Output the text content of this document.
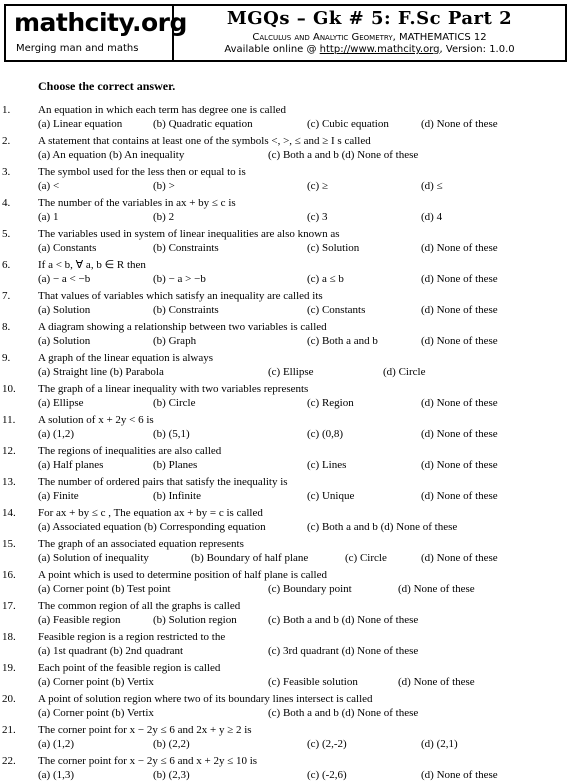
mathcity.org
Merging man and maths
MGQs – Gk # 5: F.Sc Part 2
Calculus and Analytic Geometry, MATHEMATICS 12
Available online @ http://www.mathcity.org, Version: 1.0.0
Choose the correct answer.
1.	An equation in which each term has degree one is called
(a) Linear equation	(b) Quadratic equation	(c) Cubic equation	(d) None of these
2.	A statement that contains at least one of the symbols <, >, ≤ and ≥ I s called
(a) An equation (b) An inequality	(c) Both a and b (d) None of these
3.	The symbol used for the less then or equal to is
(a) <	(b) >	(c) ≥	(d) ≤
4.	The number of the variables in ax + by ≤ c is
(a) 1	(b) 2	(c) 3	(d) 4
5.	The variables used in system of linear inequalities are also known as
(a) Constants	(b) Constraints	(c) Solution	(d) None of these
6.	If a < b, ∀ a, b ∈ R then
(a) − a < −b	(b) − a > −b	(c) a ≤ b	(d) None of these
7.	That values of variables which satisfy an inequality are called its
(a) Solution	(b) Constraints	(c) Constants	(d) None of these
8.	A diagram showing a relationship between two variables is called
(a) Solution	(b) Graph	(c) Both a and b	(d) None of these
9.	A graph of the linear equation is always
(a) Straight line (b) Parabola	(c) Ellipse	(d) Circle
10.	The graph of a linear inequality with two variables represents
(a) Ellipse	(b) Circle	(c) Region	(d) None of these
11.	A solution of x + 2y < 6 is
(a) (1,2)	(b) (5,1)	(c) (0,8)	(d) None of these
12.	The regions of inequalities are also called
(a) Half planes	(b) Planes	(c) Lines	(d) None of these
13.	The number of ordered pairs that satisfy the inequality is
(a) Finite	(b) Infinite	(c) Unique	(d) None of these
14.	For ax + by ≤ c , The equation ax + by = c is called
(a) Associated equation (b) Corresponding equation	(c) Both a and b (d) None of these
15.	The graph of an associated equation represents
(a) Solution of inequality	(b) Boundary of half plane	(c) Circle	(d) None of these
16.	A point which is used to determine position of half plane is called
(a) Corner point (b) Test point	(c) Boundary point	(d) None of these
17.	The common region of all the graphs is called
(a) Feasible region	(b) Solution region	(c) Both a and b (d) None of these
18.	Feasible region is a region restricted to the
(a) 1st quadrant (b) 2nd quadrant	(c) 3rd quadrant (d) None of these
19.	Each point of the feasible region is called
(a) Corner point (b) Vertix	(c) Feasible solution	(d) None of these
20.	A point of solution region where two of its boundary lines intersect is called
(a) Corner point (b) Vertix	(c) Both a and b (d) None of these
21.	The corner point for x − 2y ≤ 6 and 2x + y ≥ 2 is
(a) (1,2)	(b) (2,2)	(c) (2,-2)	(d) (2,1)
22.	The corner point for x − 2y ≤ 6 and x + 2y ≤ 10 is
(a) (1,3)	(b) (2,3)	(c) (-2,6)	(d) None of these
